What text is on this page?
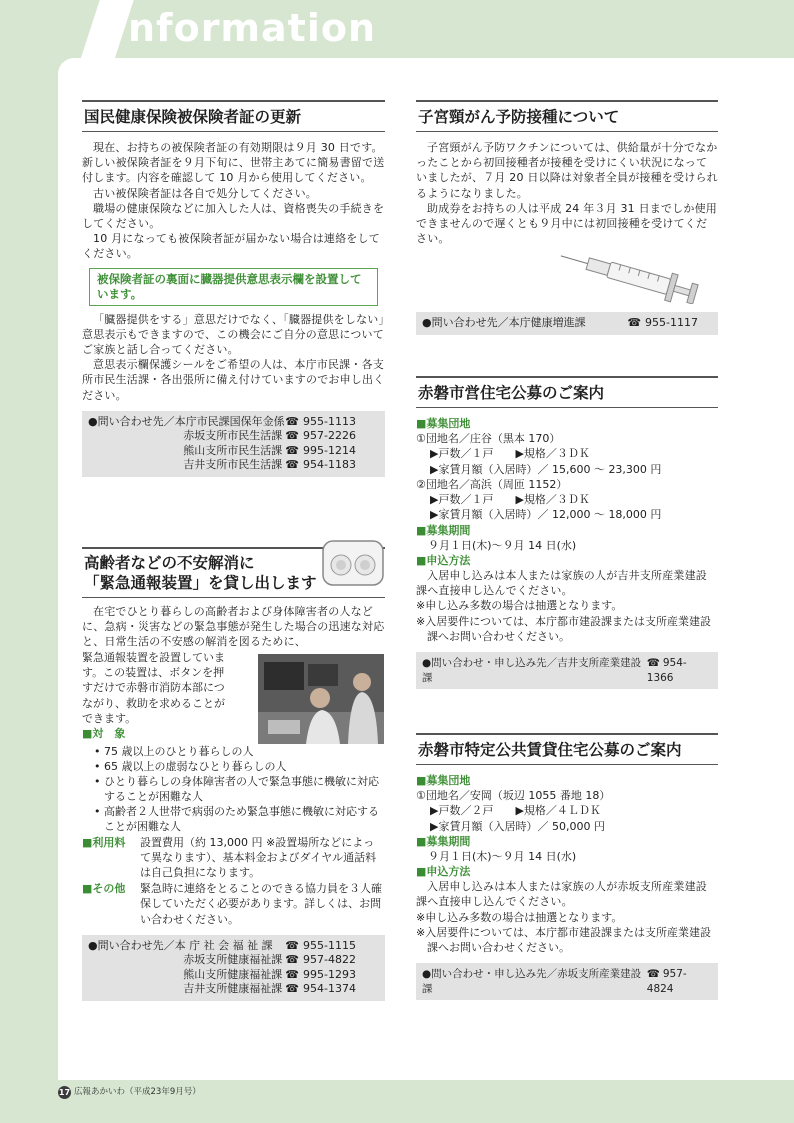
nformation
国民健康保険被保険者証の更新

現在、お持ちの被保険者証の有効期限は９月 30 日です。新しい被保険者証を９月下旬に、世帯主あてに簡易書留で送付します。内容を確認して 10 月から使用してください。

古い被保険者証は各自で処分してください。

職場の健康保険などに加入した人は、資格喪失の手続きをしてください。

10 月になっても被保険者証が届かない場合は連絡をしてください。

被保険者証の裏面に臓器提供意思表示欄を設置しています。

「臓器提供をする」意思だけでなく、「臓器提供をしない」意思表示もできますので、この機会にご自分の意思についてご家族と話し合ってください。

意思表示欄保護シールをご希望の人は、本庁市民課・各支所市民生活課・各出張所に備え付けていますのでお申し出ください。

●問い合わせ先／本庁市民課国保年金係 ☎ 955-1113
赤坂支所市民生活課 ☎ 957-2226
熊山支所市民生活課 ☎ 995-1214
吉井支所市民生活課 ☎ 954-1183
高齢者などの不安解消に
「緊急通報装置」を貸し出します

在宅でひとり暮らしの高齢者および身体障害者の人などに、急病・災害などの緊急事態が発生した場合の迅速な対応と、日常生活の不安感の解消を図るために、

緊急通報装置を設置していま

す。この装置は、ボタンを押

すだけで赤磐市消防本部につ

ながり、救助を求めることが

できます。

■対　象

• 75 歳以上のひとり暮らしの人

• 65 歳以上の虚弱なひとり暮らしの人

• ひとり暮らしの身体障害者の人で緊急事態に機敏に対応することが困難な人

• 高齢者２人世帯で病弱のため緊急事態に機敏に対応することが困難な人

■利用料	設置費用（約 13,000 円 ※設置場所などによって異なります）、基本料金およびダイヤル通話料は自己負担になります。
■その他	緊急時に連絡をとることのできる協力員を３人確保していただく必要があります。詳しくは、お問い合わせください。
●問い合わせ先／本 庁 社 会 福 祉 課 ☎ 955-1115
赤坂支所健康福祉課 ☎ 957-4822
熊山支所健康福祉課 ☎ 995-1293
吉井支所健康福祉課 ☎ 954-1374
子宮頸がん予防接種について

子宮頸がん予防ワクチンについては、供給量が十分でなかったことから初回接種者が接種を受けにくい状況になっていましたが、７月 20 日以降は対象者全員が接種を受けられるようになりました。

助成券をお持ちの人は平成 24 年３月 31 日までしか使用できませんので遅くとも９月中には初回接種を受けてください。

●問い合わせ先／本庁健康増進課	☎ 955-1117
赤磐市営住宅公募のご案内
■募集団地

①団地名／庄谷（黒本 170）

▶戸数／１戸　　▶規格／３ＤＫ

▶家賃月額（入居時）／ 15,600 ～ 23,300 円

②団地名／高浜（周匝 1152）

▶戸数／１戸　　▶規格／３ＤＫ

▶家賃月額（入居時）／ 12,000 ～ 18,000 円

■募集期間

９月１日(木)～９月 14 日(水)

■申込方法

入居申し込みは本人または家族の人が吉井支所産業建設課へ直接申し込んでください。

※申し込み多数の場合は抽選となります。

※入居要件については、本庁都市建設課または支所産業建設課へお問い合わせください。

●問い合わせ・申し込み先／吉井支所産業建設課
☎ 954-1366
赤磐市特定公共賃貸住宅公募のご案内
■募集団地

①団地名／安岡（坂辺 1055 番地 18）

▶戸数／２戸　　▶規格／４ＬＤＫ

▶家賃月額（入居時）／ 50,000 円

■募集期間

９月１日(木)～９月 14 日(水)

■申込方法

入居申し込みは本人または家族の人が赤坂支所産業建設課へ直接申し込んでください。

※申し込み多数の場合は抽選となります。

※入居要件については、本庁都市建設課または支所産業建設課へお問い合わせください。

●問い合わせ・申し込み先／赤坂支所産業建設課
☎ 957-4824
17 広報あかいわ（平成23年9月号）
